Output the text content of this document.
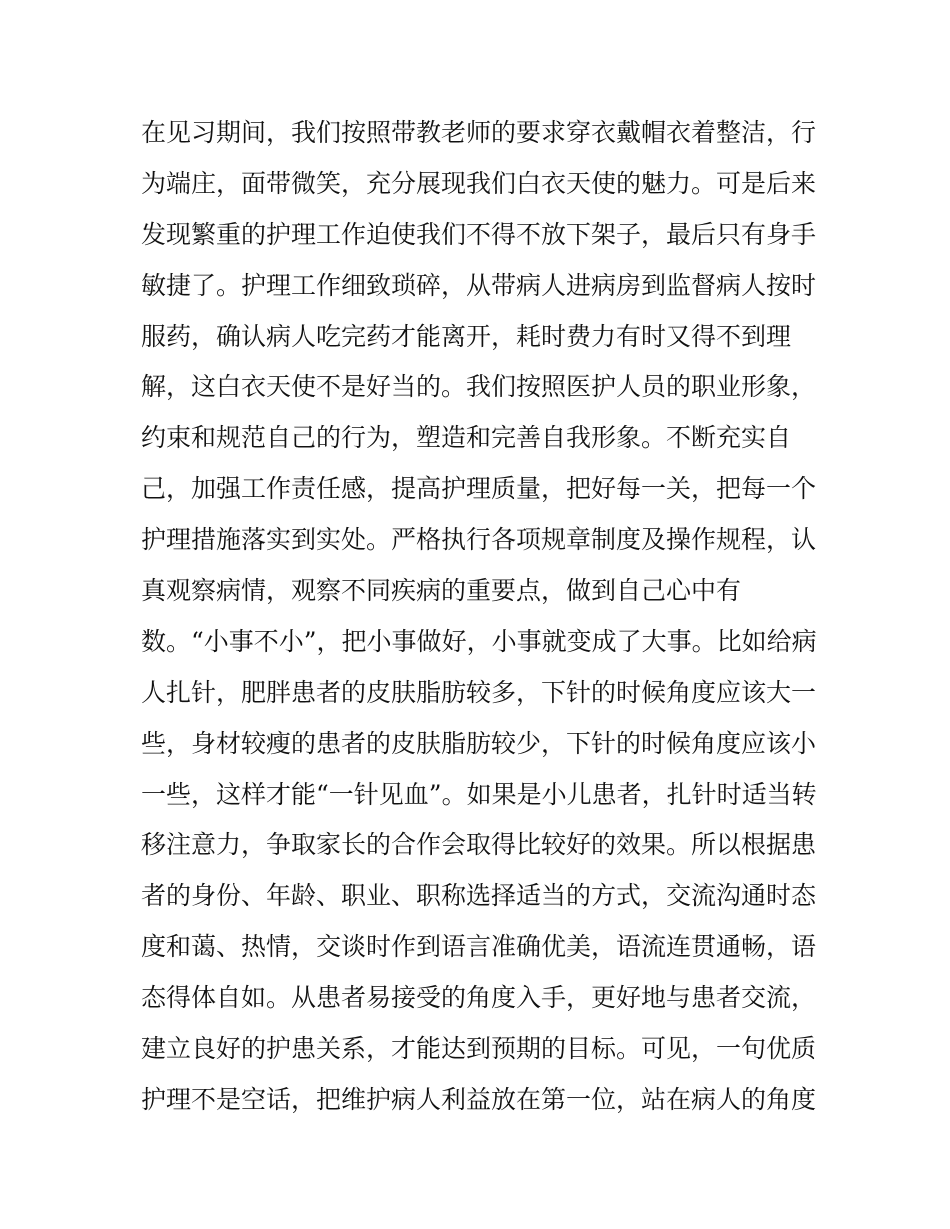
在见习期间，我们按照带教老师的要求穿衣戴帽衣着整洁，行
为端庄，面带微笑，充分展现我们白衣天使的魅力。可是后来
发现繁重的护理工作迫使我们不得不放下架子，最后只有身手
敏捷了。护理工作细致琐碎，从带病人进病房到监督病人按时
服药，确认病人吃完药才能离开，耗时费力有时又得不到理
解，这白衣天使不是好当的。我们按照医护人员的职业形象，
约束和规范自己的行为，塑造和完善自我形象。不断充实自
己，加强工作责任感，提高护理质量，把好每一关，把每一个
护理措施落实到实处。严格执行各项规章制度及操作规程，认
真观察病情，观察不同疾病的重要点，做到自己心中有
数。“小事不小”，把小事做好，小事就变成了大事。比如给病
人扎针，肥胖患者的皮肤脂肪较多，下针的时候角度应该大一
些，身材较瘦的患者的皮肤脂肪较少，下针的时候角度应该小
一些，这样才能“一针见血”。如果是小儿患者，扎针时适当转
移注意力，争取家长的合作会取得比较好的效果。所以根据患
者的身份、年龄、职业、职称选择适当的方式，交流沟通时态
度和蔼、热情，交谈时作到语言准确优美，语流连贯通畅，语
态得体自如。从患者易接受的角度入手，更好地与患者交流，
建立良好的护患关系，才能达到预期的目标。可见，一句优质
护理不是空话，把维护病人利益放在第一位，站在病人的角度
